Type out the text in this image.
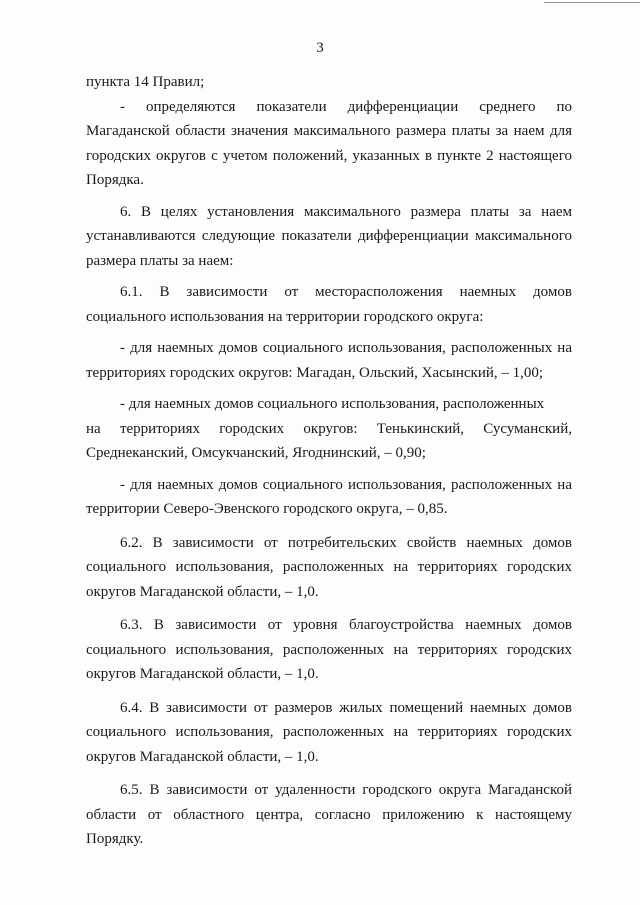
3

пункта 14 Правил;

- определяются показатели дифференциации среднего по

Магаданской области значения максимального размера платы за наем для городских округов с учетом положений, указанных в пункте 2 настоящего Порядка.

6. В целях установления максимального размера платы за наем устанавливаются следующие показатели дифференциации максимального размера платы за наем:

6.1. В зависимости от месторасположения наемных домов

социального использования на территории городского округа:

- для наемных домов социального использования, расположенных на территориях городских округов: Магадан, Ольский, Хасынский, – 1,00;

- для наемных домов социального использования, расположенных

на территориях городских округов: Тенькинский, Сусуманский,

Среднеканский, Омсукчанский, Ягоднинский, – 0,90;

- для наемных домов социального использования, расположенных на территории Северо-Эвенского городского округа, – 0,85.

6.2. В зависимости от потребительских свойств наемных домов социального использования, расположенных на территориях городских округов Магаданской области, – 1,0.

6.3. В зависимости от уровня благоустройства наемных домов социального использования, расположенных на территориях городских округов Магаданской области, – 1,0.

6.4. В зависимости от размеров жилых помещений наемных домов социального использования, расположенных на территориях городских округов Магаданской области, – 1,0.

6.5. В зависимости от удаленности городского округа Магаданской области от областного центра, согласно приложению к настоящему Порядку.
